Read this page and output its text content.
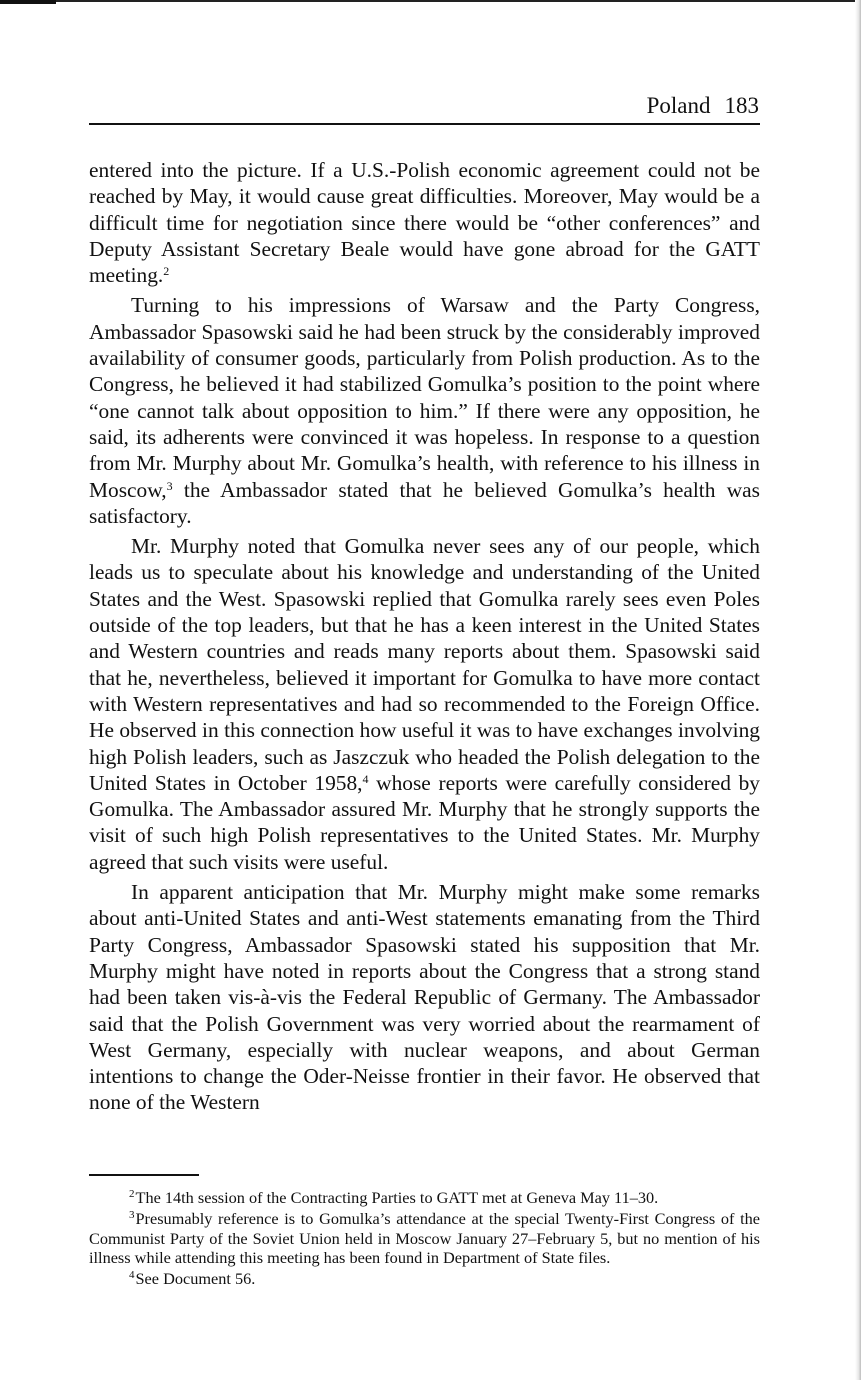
Poland 183

entered into the picture. If a U.S.-Polish economic agreement could not be reached by May, it would cause great difficulties. Moreover, May would be a difficult time for negotiation since there would be “other conferences” and Deputy Assistant Secretary Beale would have gone abroad for the GATT meeting.$^2$

Turning to his impressions of Warsaw and the Party Congress, Ambassador Spasowski said he had been struck by the considerably improved availability of consumer goods, particularly from Polish production. As to the Congress, he believed it had stabilized Gomulka’s position to the point where “one cannot talk about opposition to him.” If there were any opposition, he said, its adherents were convinced it was hopeless. In response to a question from Mr. Murphy about Mr. Gomulka’s health, with reference to his illness in Moscow,$^3$ the Ambassador stated that he believed Gomulka’s health was satisfactory.

Mr. Murphy noted that Gomulka never sees any of our people, which leads us to speculate about his knowledge and understanding of the United States and the West. Spasowski replied that Gomulka rarely sees even Poles outside of the top leaders, but that he has a keen interest in the United States and Western countries and reads many reports about them. Spasowski said that he, nevertheless, believed it important for Gomulka to have more contact with Western representatives and had so recommended to the Foreign Office. He observed in this connection how useful it was to have exchanges involving high Polish leaders, such as Jaszczuk who headed the Polish delegation to the United States in October 1958,$^4$ whose reports were carefully considered by Gomulka. The Ambassador assured Mr. Murphy that he strongly supports the visit of such high Polish representatives to the United States. Mr. Murphy agreed that such visits were useful.

In apparent anticipation that Mr. Murphy might make some remarks about anti-United States and anti-West statements emanating from the Third Party Congress, Ambassador Spasowski stated his supposition that Mr. Murphy might have noted in reports about the Congress that a strong stand had been taken vis-à-vis the Federal Republic of Germany. The Ambassador said that the Polish Government was very worried about the rearmament of West Germany, especially with nuclear weapons, and about German intentions to change the Oder-Neisse frontier in their favor. He observed that none of the Western

$^2$The 14th session of the Contracting Parties to GATT met at Geneva May 11–30.

$^3$Presumably reference is to Gomulka’s attendance at the special Twenty-First Congress of the Communist Party of the Soviet Union held in Moscow January 27–February 5, but no mention of his illness while attending this meeting has been found in Department of State files.

$^4$See Document 56.
